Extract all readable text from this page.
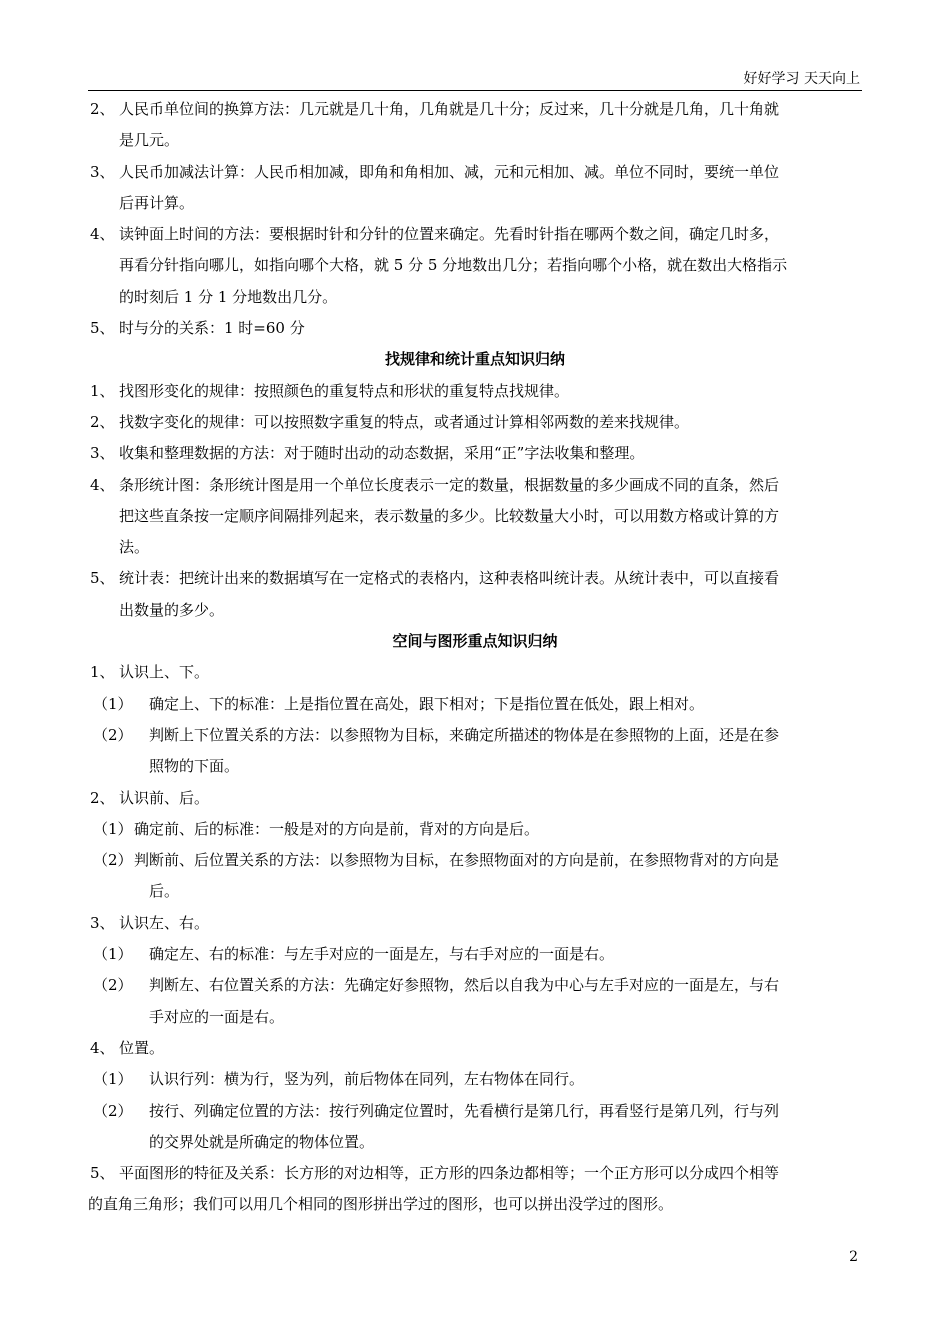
好好学习 天天向上
2、 人民币单位间的换算方法：几元就是几十角，几角就是几十分；反过来，几十分就是几角，几十角就
是几元。
3、 人民币加减法计算：人民币相加减，即角和角相加、减，元和元相加、减。单位不同时，要统一单位
后再计算。
4、 读钟面上时间的方法：要根据时针和分针的位置来确定。先看时针指在哪两个数之间，确定几时多，
再看分针指向哪儿，如指向哪个大格，就 5 分 5 分地数出几分；若指向哪个小格，就在数出大格指示
的时刻后 1 分 1 分地数出几分。
5、 时与分的关系：1 时=60 分
找规律和统计重点知识归纳
1、 找图形变化的规律：按照颜色的重复特点和形状的重复特点找规律。
2、 找数字变化的规律：可以按照数字重复的特点，或者通过计算相邻两数的差来找规律。
3、 收集和整理数据的方法：对于随时出动的动态数据，采用“正”字法收集和整理。
4、 条形统计图：条形统计图是用一个单位长度表示一定的数量，根据数量的多少画成不同的直条，然后
把这些直条按一定顺序间隔排列起来，表示数量的多少。比较数量大小时，可以用数方格或计算的方
法。
5、 统计表：把统计出来的数据填写在一定格式的表格内，这种表格叫统计表。从统计表中，可以直接看
出数量的多少。
空间与图形重点知识归纳
1、 认识上、下。
（1）	确定上、下的标准：上是指位置在高处，跟下相对；下是指位置在低处，跟上相对。
（2）	判断上下位置关系的方法：以参照物为目标，来确定所描述的物体是在参照物的上面，还是在参
照物的下面。
2、 认识前、后。
（1） 确定前、后的标准：一般是对的方向是前，背对的方向是后。
（2） 判断前、后位置关系的方法：以参照物为目标，在参照物面对的方向是前，在参照物背对的方向是
后。
3、 认识左、右。
（1）	确定左、右的标准：与左手对应的一面是左，与右手对应的一面是右。
（2）	判断左、右位置关系的方法：先确定好参照物，然后以自我为中心与左手对应的一面是左，与右
手对应的一面是右。
4、 位置。
（1）	认识行列：横为行，竖为列，前后物体在同列，左右物体在同行。
（2）	按行、列确定位置的方法：按行列确定位置时，先看横行是第几行，再看竖行是第几列，行与列
的交界处就是所确定的物体位置。
5、 平面图形的特征及关系：长方形的对边相等，正方形的四条边都相等；一个正方形可以分成四个相等
的直角三角形；我们可以用几个相同的图形拼出学过的图形，也可以拼出没学过的图形。
2
